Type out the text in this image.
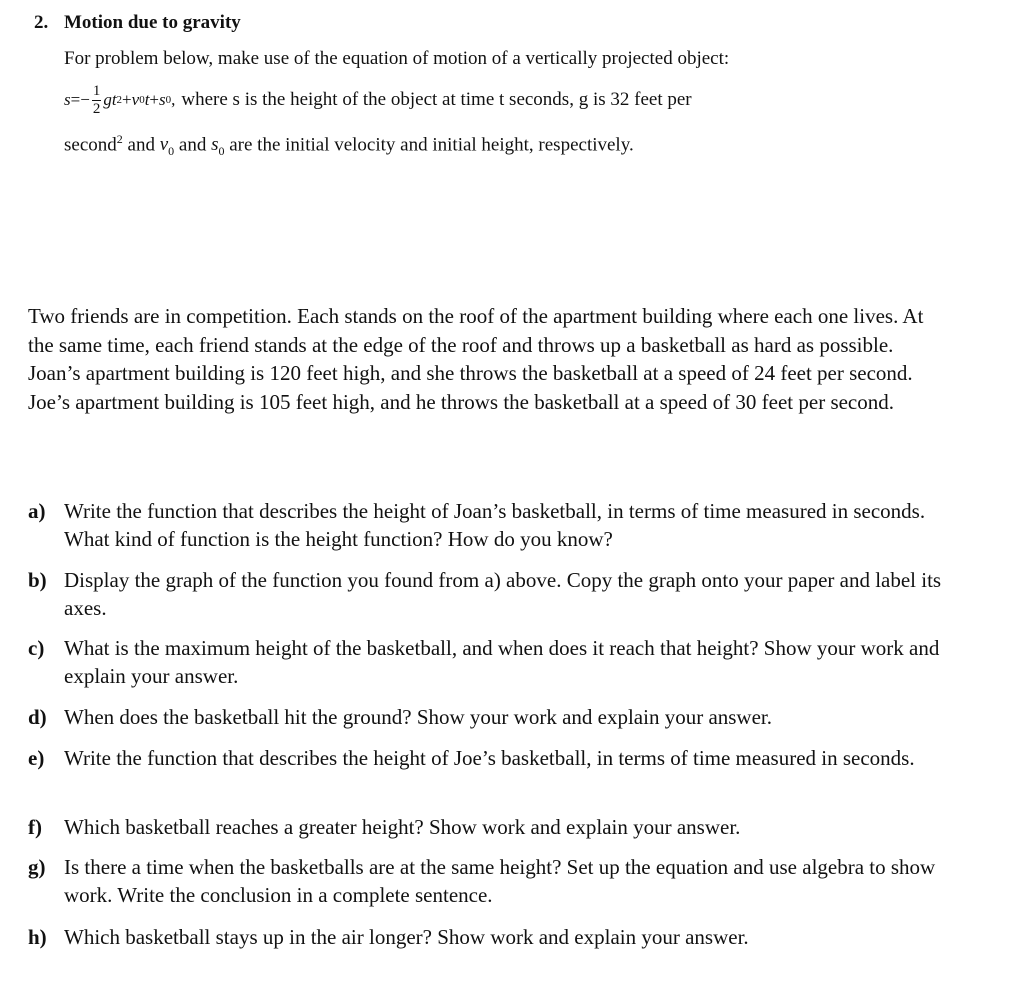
2. Motion due to gravity
For problem below, make use of the equation of motion of a vertically projected object:
s = − $\frac{1}{2}$ gt 2 + v 0 t + s 0 , where s is the height of the object at time t seconds, g is 32 feet per
second$^2$ and $v_0$ and $s_0$ are the initial velocity and initial height, respectively.
Two friends are in competition. Each stands on the roof of the apartment building where each one lives. At the same time, each friend stands at the edge of the roof and throws up a basketball as hard as possible. Joan’s apartment building is 120 feet high, and she throws the basketball at a speed of 24 feet per second. Joe’s apartment building is 105 feet high, and he throws the basketball at a speed of 30 feet per second.
a) Write the function that describes the height of Joan’s basketball, in terms of time measured in seconds. What kind of function is the height function? How do you know?
b) Display the graph of the function you found from a) above. Copy the graph onto your paper and label its axes.
c) What is the maximum height of the basketball, and when does it reach that height? Show your work and explain your answer.
d) When does the basketball hit the ground? Show your work and explain your answer.
e) Write the function that describes the height of Joe’s basketball, in terms of time measured in seconds.
f) Which basketball reaches a greater height? Show work and explain your answer.
g) Is there a time when the basketballs are at the same height? Set up the equation and use algebra to show work. Write the conclusion in a complete sentence.
h) Which basketball stays up in the air longer? Show work and explain your answer.
